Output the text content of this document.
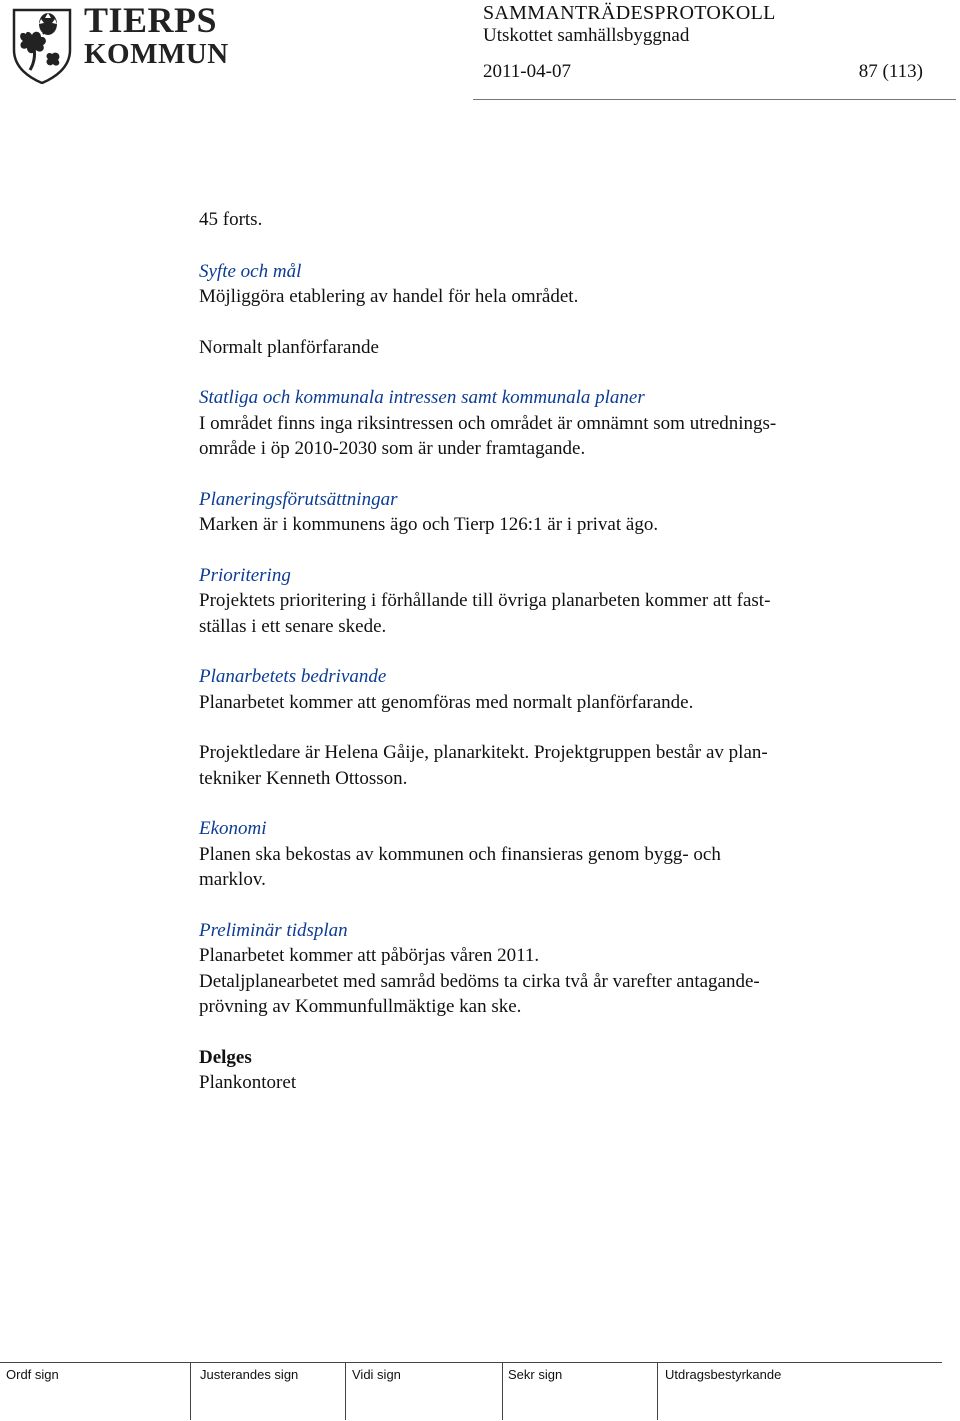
TIERPS
KOMMUN
SAMMANTRÄDESPROTOKOLL
Utskottet samhällsbyggnad
2011-04-07	87 (113)

45 forts.

Syfte och mål

Möjliggöra etablering av handel för hela området.

Normalt planförfarande

Statliga och kommunala intressen samt kommunala planer

I området finns inga riksintressen och området är omnämnt som utrednings-

område i öp 2010-2030 som är under framtagande.

Planeringsförutsättningar

Marken är i kommunens ägo och Tierp 126:1 är i privat ägo.

Prioritering

Projektets prioritering i förhållande till övriga planarbeten kommer att fast-

ställas i ett senare skede.

Planarbetets bedrivande

Planarbetet kommer att genomföras med normalt planförfarande.

Projektledare är Helena Gåije, planarkitekt. Projektgruppen består av plan-

tekniker Kenneth Ottosson.

Ekonomi

Planen ska bekostas av kommunen och finansieras genom bygg- och

marklov.

Preliminär tidsplan

Planarbetet kommer att påbörjas våren 2011.

Detaljplanearbetet med samråd bedöms ta cirka två år varefter antagande-

prövning av Kommunfullmäktige kan ske.

Delges

Plankontoret

Ordf sign	Justerandes sign	Vidi sign	Sekr sign	Utdragsbestyrkande
